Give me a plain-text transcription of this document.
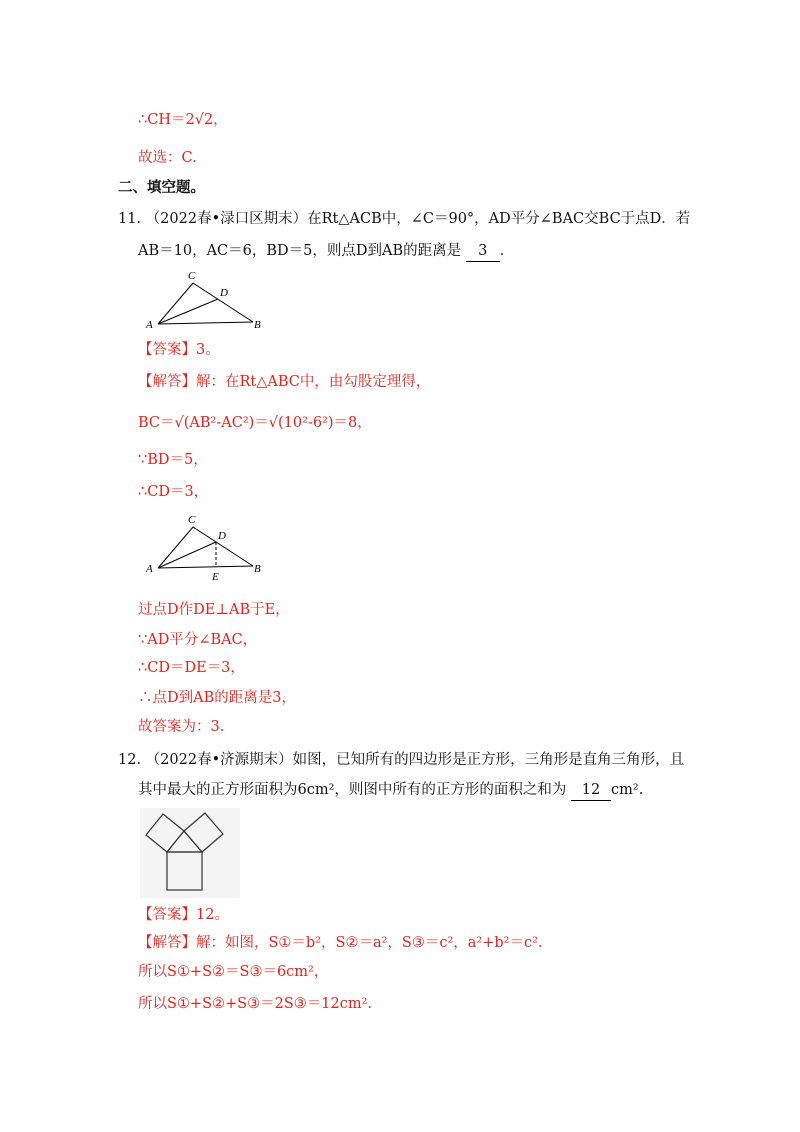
∴CH＝2√2，
故选：C.
二、填空题。
11. （2022春•渌口区期末）在Rt△ACB中，∠C＝90°，AD平分∠BAC交BC于点D．若
AB＝10，AC＝6，BD＝5，则点D到AB的距离是 3 ．
C
D
A	B
【答案】3。
【解答】解：在Rt△ABC中，由勾股定理得，
BC＝√(AB²-AC²)＝√(10²-6²)＝8，
∵BD＝5，
∴CD＝3，
C
D
A	B
E
过点D作DE⊥AB于E，
∵AD平分∠BAC，
∴CD＝DE＝3，
∴点D到AB的距离是3，
故答案为：3.
12. （2022春•济源期末）如图，已知所有的四边形是正方形，三角形是直角三角形，且
其中最大的正方形面积为6cm²，则图中所有的正方形的面积之和为 12 cm².
【答案】12。
【解答】解：如图，S①＝b²，S②＝a²，S③＝c²，a²+b²＝c².
所以S①+S②＝S③＝6cm²，
所以S①+S②+S③＝2S③＝12cm².
